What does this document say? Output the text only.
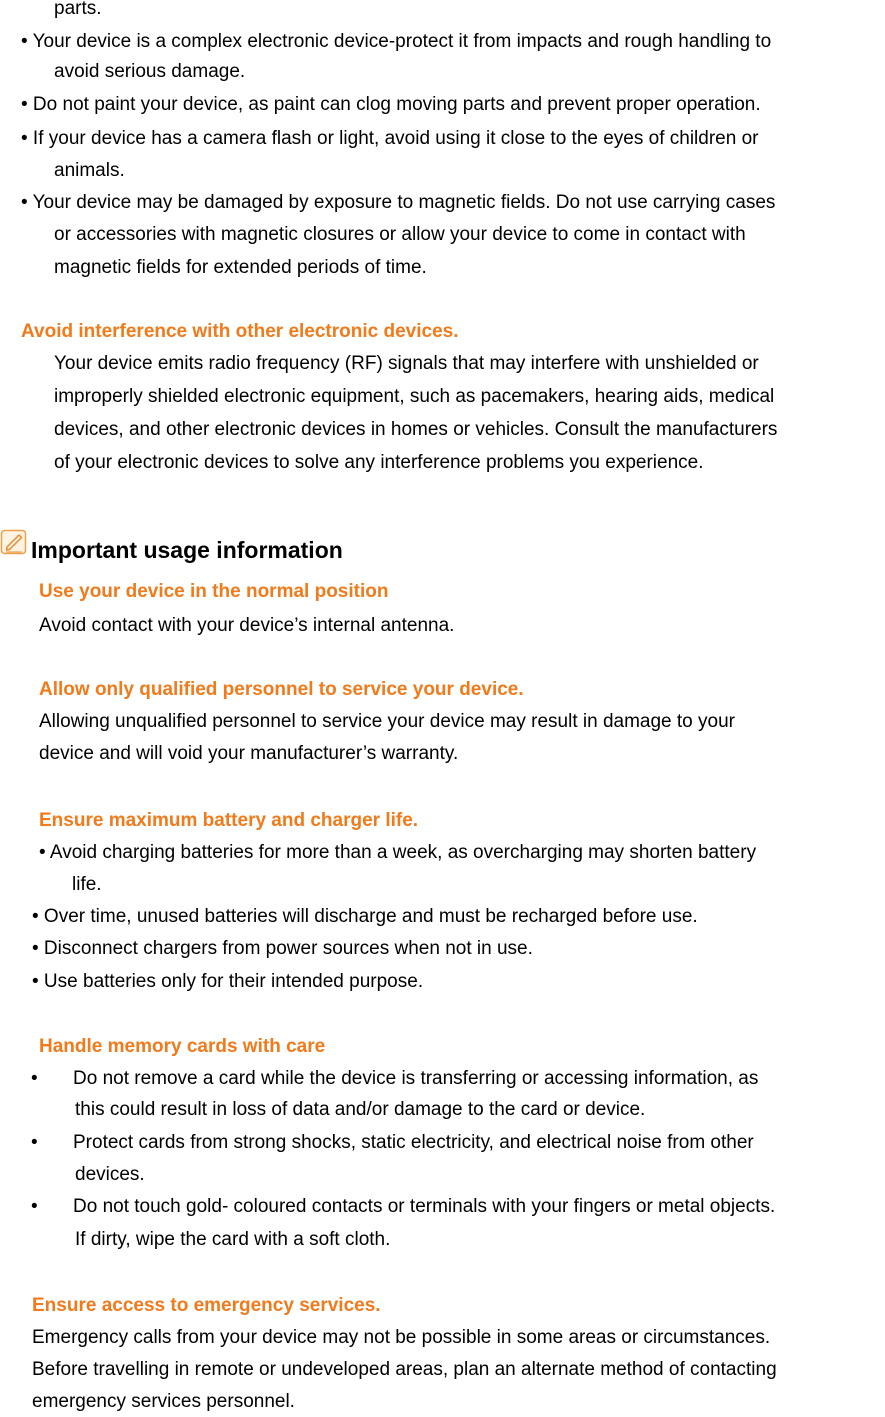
parts.
• Your device is a complex electronic device-protect it from impacts and rough handling to
avoid serious damage.
• Do not paint your device, as paint can clog moving parts and prevent proper operation.
• If your device has a camera flash or light, avoid using it close to the eyes of children or
animals.
• Your device may be damaged by exposure to magnetic fields. Do not use carrying cases
or accessories with magnetic closures or allow your device to come in contact with
magnetic fields for extended periods of time.
Avoid interference with other electronic devices.
Your device emits radio frequency (RF) signals that may interfere with unshielded or
improperly shielded electronic equipment, such as pacemakers, hearing aids, medical
devices, and other electronic devices in homes or vehicles. Consult the manufacturers
of your electronic devices to solve any interference problems you experience.
Important usage information
Use your device in the normal position
Avoid contact with your device’s internal antenna.
Allow only qualified personnel to service your device.
Allowing unqualified personnel to service your device may result in damage to your
device and will void your manufacturer’s warranty.
Ensure maximum battery and charger life.
• Avoid charging batteries for more than a week, as overcharging may shorten battery
life.
• Over time, unused batteries will discharge and must be recharged before use.
• Disconnect chargers from power sources when not in use.
• Use batteries only for their intended purpose.
Handle memory cards with care
• Do not remove a card while the device is transferring or accessing information, as
this could result in loss of data and/or damage to the card or device.
• Protect cards from strong shocks, static electricity, and electrical noise from other
devices.
• Do not touch gold- coloured contacts or terminals with your fingers or metal objects.
If dirty, wipe the card with a soft cloth.
Ensure access to emergency services.
Emergency calls from your device may not be possible in some areas or circumstances.
Before travelling in remote or undeveloped areas, plan an alternate method of contacting
emergency services personnel.
